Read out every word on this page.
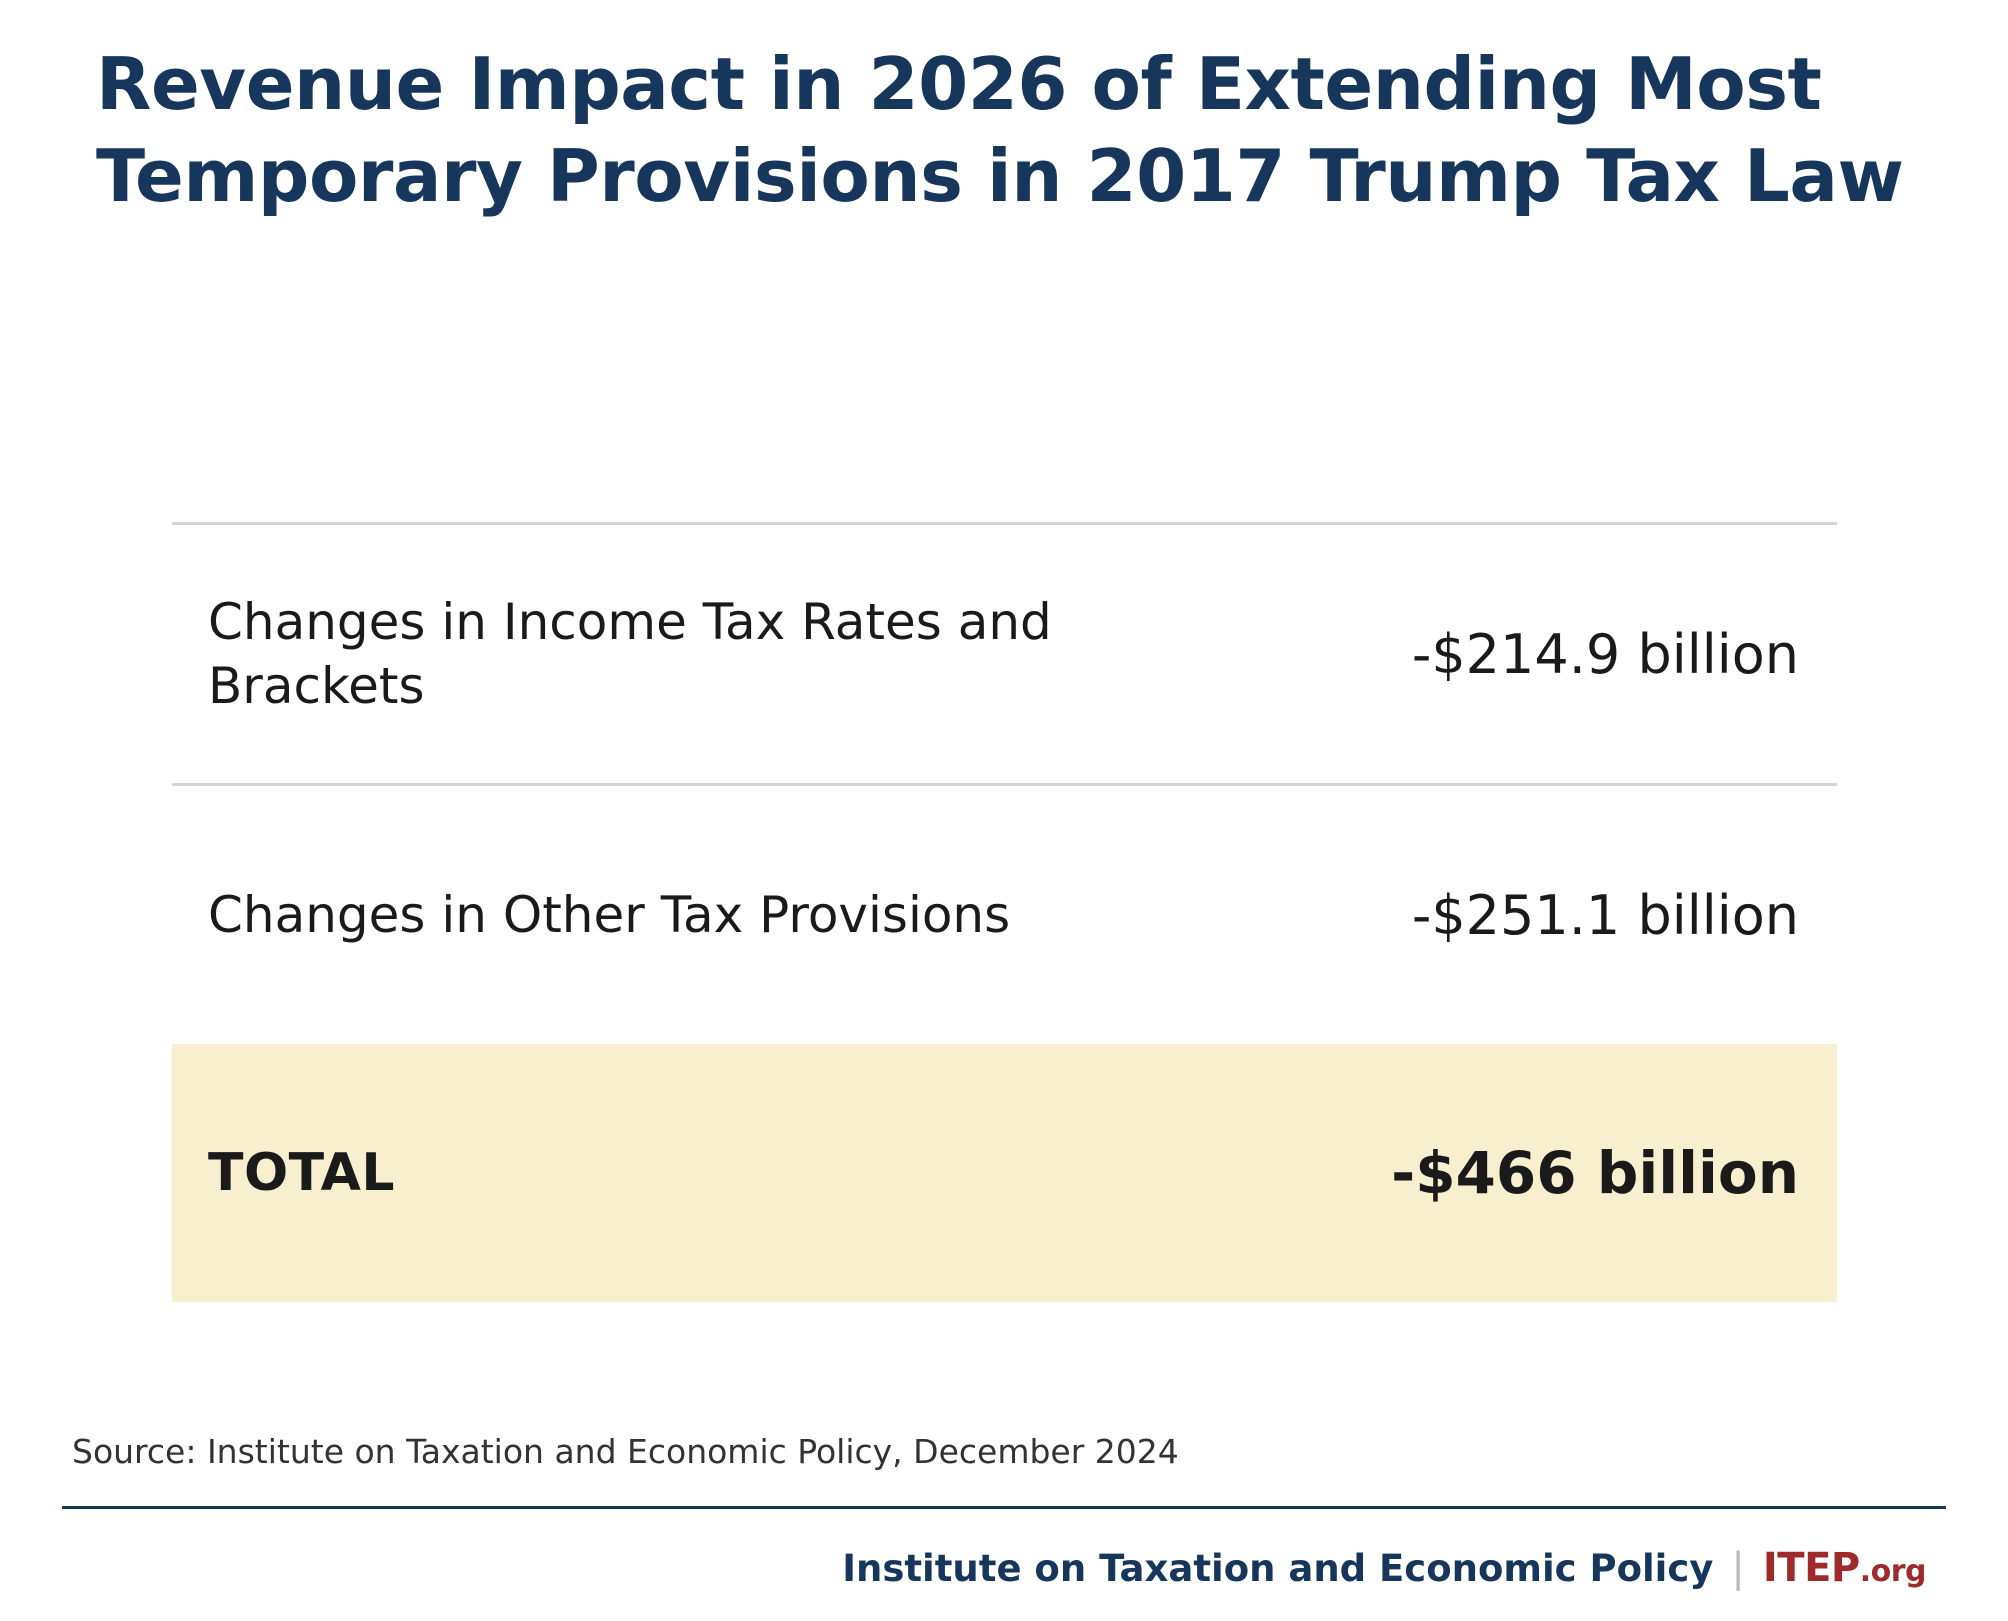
Revenue Impact in 2026 of Extending Most Temporary Provisions in 2017 Trump Tax Law
Changes in Income Tax Rates and Brackets
-$214.9 billion
Changes in Other Tax Provisions	-$251.1 billion
TOTAL	-$466 billion
Source: Institute on Taxation and Economic Policy, December 2024
Institute on Taxation and Economic Policy | ITEP.org
